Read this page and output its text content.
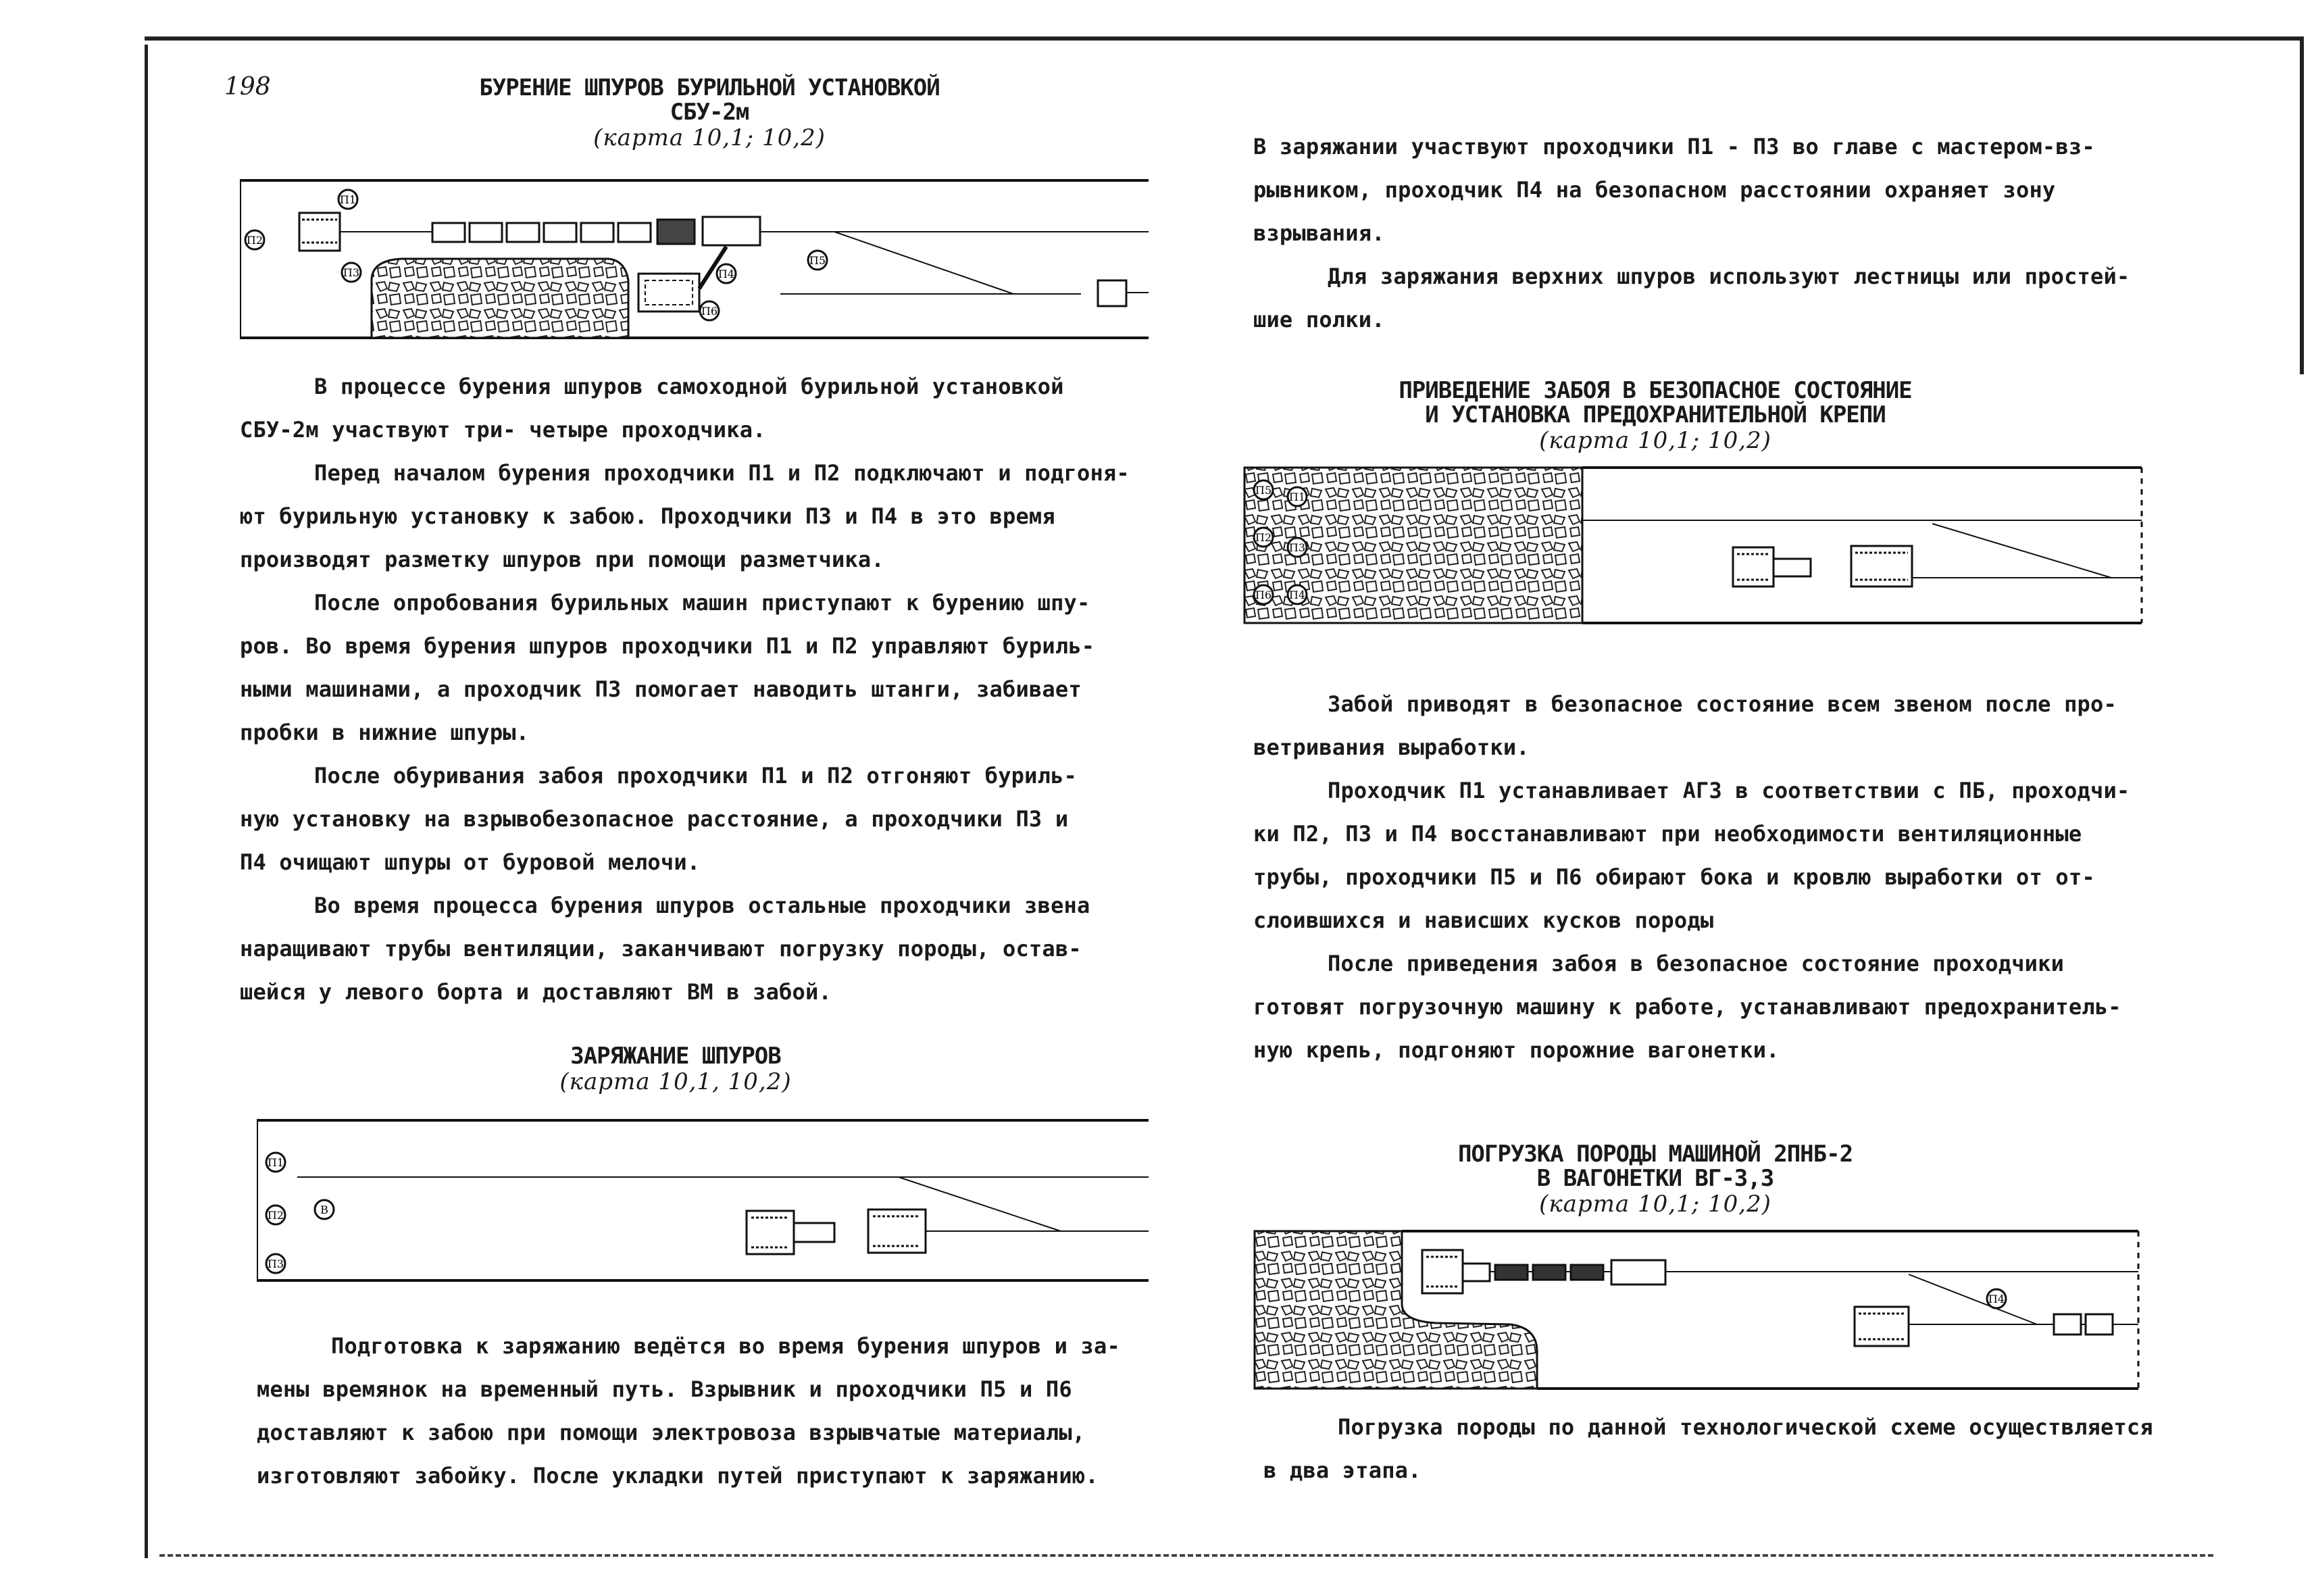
198	БУРЕНИЕ ШПУРОВ БУРИЛЬНОЙ УСТАНОВКОЙ
СБУ-2м
(карта 10,1; 10,2)
П1
П2
П3	П4
П5
П6

В процессе бурения шпуров самоходной бурильной установкой

СБУ-2м участвуют три- четыре проходчика.

Перед началом бурения проходчики П1 и П2 подключают и подгоня-

ют бурильную установку к забою. Проходчики П3 и П4 в это время

производят разметку шпуров при помощи разметчика.

После опробования бурильных машин приступают к бурению шпу-

ров. Во время бурения шпуров проходчики П1 и П2 управляют буриль-

ными машинами, а проходчик П3 помогает наводить штанги, забивает

пробки в нижние шпуры.

После обуривания забоя проходчики П1 и П2 отгоняют буриль-

ную установку на взрывобезопасное расстояние, а проходчики П3 и

П4 очищают шпуры от буровой мелочи.

Во время процесса бурения шпуров остальные проходчики звена

наращивают трубы вентиляции, заканчивают погрузку породы, остав-

шейся у левого борта и доставляют ВМ в забой.

ЗАРЯЖАНИЕ ШПУРОВ
(карта 10,1, 10,2)
П1
П2
П3
В

Подготовка к заряжанию ведётся во время бурения шпуров и за-

мены времянок на временный путь. Взрывник и проходчики П5 и П6

доставляют к забою при помощи электровоза взрывчатые материалы,

изготовляют забойку. После укладки путей приступают к заряжанию.

В заряжании участвуют проходчики П1 - П3 во главе с мастером-вз-

рывником, проходчик П4 на безопасном расстоянии охраняет зону

взрывания.

Для заряжания верхних шпуров используют лестницы или простей-

шие полки.

ПРИВЕДЕНИЕ ЗАБОЯ В БЕЗОПАСНОЕ СОСТОЯНИЕ
И УСТАНОВКА ПРЕДОХРАНИТЕЛЬНОЙ КРЕПИ
(карта 10,1; 10,2)
П5
П1
П2
П3
П6 П4

Забой приводят в безопасное состояние всем звеном после про-

ветривания выработки.

Проходчик П1 устанавливает АГЗ в соответствии с ПБ, проходчи-

ки П2, П3 и П4 восстанавливают при необходимости вентиляционные

трубы, проходчики П5 и П6 обирают бока и кровлю выработки от от-

слоившихся и нависших кусков породы

После приведения забоя в безопасное состояние проходчики

готовят погрузочную машину к работе, устанавливают предохранитель-

ную крепь, подгоняют порожние вагонетки.

ПОГРУЗКА ПОРОДЫ МАШИНОЙ 2ПНБ-2
В ВАГОНЕТКИ ВГ-3,3
(карта 10,1; 10,2)
П4

Погрузка породы по данной технологической схеме осуществляется

в два этапа.
